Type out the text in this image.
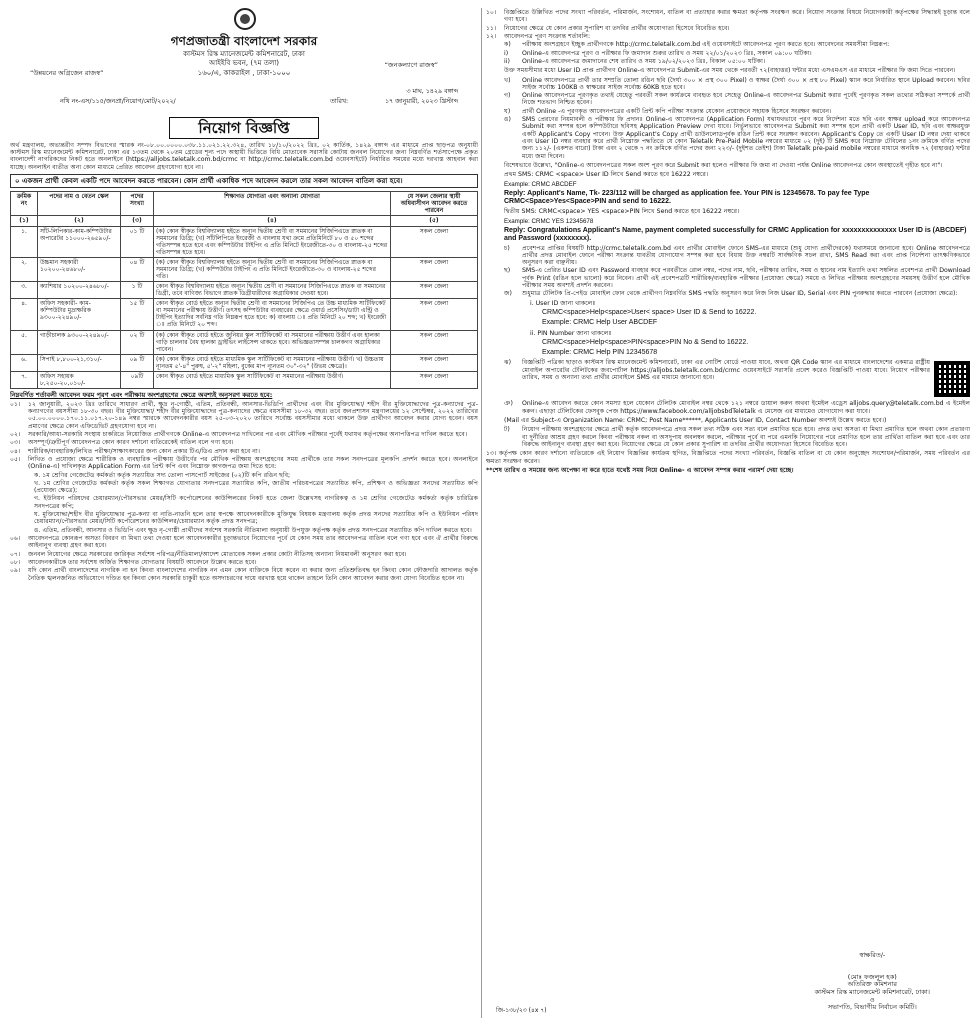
গণপ্রজাতন্ত্রী বাংলাদেশ সরকার
“উন্নয়নের অগ্রিজেন রাজস্ব”
“জনকল্যাণে রাজস্ব”
কাস্টমস রিস্ক ম্যানেজমেন্ট কমিশনারেট, ঢাকা
আইইবি ভবন, (৭ম তলা)
১৬০/এ, কাকরাইল , ঢাকা-১০০০
নথি নং-এস/১১৫/জনপ্রা/নিয়োগ/মোট/২০২২/	তারিখ:
৩ মাঘ, ১৪২৯ বঙ্গাব্দ
১৭ জানুয়ারী, ২০২৩ খ্রিস্টাব্দ
নিয়োগ বিজ্ঞপ্তি
অর্থ মন্ত্রণালয়, অভ্যন্তরীণ সম্পদ বিভাগের স্মারক নং-০৮.০০.০০০০.০৩৮.১১.০২১.২২.৩২৪, তারিখ ১৮/১০/২০২২ খ্রিঃ, ০২ কার্তিক, ১৪২৯ বঙ্গাব্দ এর মাধ্যমে প্রাপ্ত ছাড়পত্র অনুযায়ী কাস্টমস রিস্ক ম্যানেজমেন্ট কমিশনারেট, ঢাকা এর ১৩তম থেকে ২০তম গ্রেডের শূন্য পদে অস্থায়ী ভিত্তিতে বিধি মোতাবেক সরাসরি কোটায় জনবল নিয়োগের জন্য নিম্নবর্ণিত শর্তসাপেক্ষে প্রকৃত বাংলাদেশী নাগরিকদের নিকট হতে অনলাইনে (https://alljobs.teletalk.com.bd/crmc বা http://crmc.teletalk.com.bd ওয়েবসাইটে) নির্ধারিত সময়ের মধ্যে দরখাস্ত আহবান করা যাচ্ছে। অনলাইন ব্যতীত অন্য কোন মাধ্যমে প্রেরিত আবেদন গ্রহণযোগ্য হবে না।
০ একজন প্রার্থী কেবল একটি পদে আবেদন করতে পারবেন। কোন প্রার্থী একাধিক পদে আবেদন করলে তার সকল আবেদন বাতিল করা হবে।
ক্রমিক নং	পদের নাম ও বেতন স্কেল	পদের সংখ্যা	শিক্ষাগত যোগ্যতা এবং অন্যান্য যোগ্যতা	যে সকল জেলার স্থায়ী অধিবাসীগন আবেদন করতে পারবেন
(১)	(২)	(৩)	(৪)	(৫)
১.	সাঁট-লিপিকার-কাম-কম্পিউটার অপারেটর ১১০০০-২৬৫৯০/-	০১ টি	(ক) কোন স্বীকৃত বিশ্ববিদ্যালয় হইতে অন্যূন দ্বিতীয় শ্রেণী বা সমমানের সিজিপিএতে স্নাতক বা সমমানের ডিগ্রি; (খ) সাঁটলিপিতে ইংরেজী ও বাংলায় যথা ক্রমে প্রতিমিনিটে ৮০ ও ৫০ শব্দের গতিসম্পন্ন হতে হবে এবং কম্পিউটার টাইপিং এ প্রতি মিনিটে ইংরেজীতে-৩০ ও বাংলায়-২৫ শব্দের গতিসম্পন্ন হতে হবে।	সকল জেলা
২.	উচ্চমান সহকারী ১০২০০-২৪৬৮০/-	০৪ টি	(ক) কোন স্বীকৃত বিশ্ববিদ্যালয় হইতে অন্যূন দ্বিতীয় শ্রেণী বা সমমানের সিজিপিএতে স্নাতক বা সমমানের ডিগ্রি; (খ) কম্পিউটার টাইপিং এ প্রতি মিনিটে ইংরেজীতে-৩০ ও বাংলায়-২৫ শব্দের গতি।	সকল জেলা
৩.	ক্যাশিয়ার ১০২০০-২৪৬৮০/-	১ টি	কোন স্বীকৃত বিশ্ববিদ্যালয় হইতে অন্যূন দ্বিতীয় শ্রেণী বা সমমানের সিজিপিএতে স্নাতক বা সমমানের ডিগ্রী, তবে বাণিজ্য বিভাগে স্নাতক ডিগ্রীধারীদের অগ্রাধিকার দেওয়া হবে।	সকল জেলা
৪.	অফিস সহকারী- কাম- কম্পিউটার মুদ্রাক্ষরিক ৯৩০০-২২৪৯০/-	১৫ টি	কোন স্বীকৃত বোর্ড হইতে অন্যূন দ্বিতীয় শ্রেণী বা সমমানের সিজিপিএ তে উচ্চ মাধ্যমিক সার্টিফিকেট বা সমমানের পরীক্ষায় উত্তীর্ণ। তৎসহ কম্পিউটার ব্যবহারের ক্ষেত্রে ওয়ার্ড প্রসেসিং/ডাটা এন্ট্রি ও টাইপিং ইত্যাদির সর্বনিম্ন গতি নিম্নরূপ হতে হবে: ক) বাংলায় ঃ প্রতি মিনিটে ২০ শব্দ; খ) ইংরেজী ঃ প্রতি মিনিটে ২০ শব্দ।	সকল জেলা
৫.	গাড়ীচালক ৯৩০০-২২৪৯০/-	০২ টি	(ক) কোন স্বীকৃত বোর্ড হইতে জুনিয়র স্কুল সার্টিফিকেট বা সমমানের পরীক্ষায় উত্তীর্ণ এবং হালকা গাড়ি চালনার বৈধ হালকা ড্রাইভিং লাইসেন্স থাকতে হবে। অভিজ্ঞতাসম্পন্ন চালকগণ অগ্রাধিকার পাবেন।	সকল জেলা
৬.	সিপাই ৮,৮০০-২১,৩১০/-	০৯ টি	(ক) কোন স্বীকৃত বোর্ড হইতে মাধ্যমিক স্কুল সার্টিফিকেট বা সমমানের পরীক্ষায় উত্তীর্ণ। খ) উচ্চতায় ন্যূনতম ৫'-৪" পুরুষ, ৫'-২" মহিলা, বুকের মাপ ন্যূনতম ৩০"-৩২" (উভয় ক্ষেত্রে)।	সকল জেলা
৭.	অফিস সহায়ক ৮,২৫০-২০,০১০/-	০৯টি	কোন স্বীকৃত বোর্ড হইতে মাধ্যমিক স্কুল সার্টিফিকেট বা সমমানের পরীক্ষায় উত্তীর্ণ।	সকল জেলা
নিম্নবর্ণিত শর্তাবলী আবেদন ফরম পূরণ এবং পরীক্ষায় অংশগ্রহণের ক্ষেত্রে অবশ্যই অনুসরণ করতে হবে:
০১।	১২ জানুয়ারী, ২০২৩ খ্রিঃ তারিখে সাধারণ প্রার্থী, ক্ষুদ্র নৃ-গোষ্ঠী, এতিম, প্রতিবন্ধী, আনসার-ভিডিপি প্রার্থীদের এবং বীর মুক্তিযোদ্ধা/ শহীদ বীর মুক্তিযোদ্ধাদের পুত্র-কন্যাদের পুত্র-কন্যাগণের বয়সসীমা ১৮-৩০ বছর। বীর মুক্তিযোদ্ধা/ শহীদ বীর মুক্তিযোদ্ধাদের পুত্র-কন্যাদের ক্ষেত্রে বয়সসীমা ১৮-৩২ বছর। তবে জনপ্রশাসন মন্ত্রণালয়ের ১২ সেপ্টেম্বর, ২০২২ তারিখের ০৫.০০.০০০০.১৭০.১১.০১৭.২০-১৪৯ নম্বর স্মারকে আবেদনকারীর বয়স ২৫-০৩-২০২০ তারিখে সর্বোচ্চ বয়সসীমার মধ্যে থাকলে উক্ত প্রার্থীগণ আবেদন করার যোগ্য হবেন। বয়স প্রমাণের ক্ষেত্রে কোন এফিডেভিট গ্রহণযোগ্য হবে না।
০২।	সরকারি/আধা-সরকারি সংস্থায় চাকরিতে নিয়োজিত প্রার্থীগণকে Online-এ আবেদনপত্র দাখিলের পর এবং মৌখিক পরীক্ষার পূর্বেই যথাযথ কর্তৃপক্ষের অনাপত্তিপত্র দাখিল করতে হবে।
০৩।	অসম্পূর্ণ/ত্রুটিপূর্ণ আবেদনপত্র কোন কারণ দর্শানো ব্যতিরেকেই বাতিল বলে গণ্য হবে।
০৪।	শারীরিক/ব্যবহারিক/লিখিত পরীক্ষা/সাক্ষাৎকারের জন্য কোন প্রকার টিএ/ডিএ প্রদান করা হবে না।
০৫।	লিখিত ও প্রযোজ্য ক্ষেত্রে শারীরিক ও ব্যবহারিক পরীক্ষায় উত্তীর্ণের পর মৌখিক পরীক্ষায় অংশগ্রহণের সময় প্রার্থীকে তার সকল সনদপত্রের মূলকপি প্রদর্শন করতে হবে। অনলাইনে (Online-এ) দাখিলকৃত Application Form এর প্রিন্ট কপি এবং নিম্নোক্ত কাগজপত্র জমা দিতে হবে:
ক. ১ম শ্রেণির গেজেটেড কর্মকর্তা কর্তৃক সত্যায়িত সদ্য তোলা পাসপোর্ট সাইজের (০২)টি কপি রঙিন ছবি;
খ. ১ম শ্রেণির গেজেটেড কর্মকর্তা কর্তৃক সকল শিক্ষাগত যোগ্যতার সনদপত্রের সত্যায়িত কপি, জাতীয় পরিচয়পত্রের সত্যায়িত কপি, প্রশিক্ষণ ও অভিজ্ঞতা সনদের সত্যায়িত কপি (প্রযোজ্য ক্ষেত্রে);
গ. ইউনিয়ন পরিষদের চেয়ারম্যান/পৌরসভার মেয়র/সিটি কর্পোরেশনের কাউন্সিলরের নিকট হতে জেলা উল্লেখসহ নাগরিকত্ব ও ১ম শ্রেণির গেজেটেড কর্মকর্তা কর্তৃক চারিত্রিক সনদপত্রের কপি;
ঘ. মুক্তিযোদ্ধা/শহীদ বীর মুক্তিযোদ্ধার পুত্র-কন্যা বা নাতি-নাতনি হলে তার স্বপক্ষে আবেদনকারীকে মুক্তিযুদ্ধ বিষয়ক মন্ত্রণালয় কর্তৃক প্রদত্ত সনদের সত্যায়িত কপি ও ইউনিয়ন পরিষদ চেয়ারম্যান/পৌরসভার মেয়র/সিটি কর্পোরেশনের কাউন্সিলর/চেয়ারম্যান কর্তৃক প্রদত্ত সনদপত্র;
ঙ. এতিম, প্রতিবন্ধী, আনসার ও ভিডিপি এবং ক্ষুদ্র নৃ-গোষ্ঠী প্রার্থীদের সর্বশেষ সরকারি নীতিমালা অনুযায়ী উপযুক্ত কর্তৃপক্ষ কর্তৃক প্রদত্ত সনদপত্রের সত্যায়িত কপি দাখিল করতে হবে।
০৬।	আবেদনপত্রে কোনরূপ অসত্য বিবরণ বা মিথ্যা তথ্য দেওয়া হলে আবেদনকারীর চূড়ান্তভাবে নিয়োগের পূর্বে যে কোন সময় তার আবেদনপত্র বাতিল বলে গণ্য হবে এবং ঐ প্রার্থীর বিরুদ্ধে আইনানুগ ব্যবস্থা গ্রহণ করা হবে।
০৭।	জনবল নিয়োগের ক্ষেত্রে সরকারের জারিকৃত সর্বশেষ পরিপত্র/নীতিমালা/আদেশ মোতাবেক সকল প্রকার কোটা নীতিসহ অন্যান্য নিয়মাবলী অনুসরণ করা হবে।
০৮।	আবেদনকারীকে তার সর্বশেষ অর্জিত শিক্ষাগত যোগ্যতার বিষয়টি আবেদনে উল্লেখ করতে হবে।
০৯।	যদি কোন প্রার্থী বাংলাদেশের নাগরিক না হন কিংবা বাংলাদেশের নাগরিক নন এমন কোন ব্যক্তিকে বিয়ে করেন বা করার জন্য প্রতিশ্রুতিবদ্ধ হন কিংবা কোন ফৌজদারি আদালত কর্তৃক নৈতিক স্খলনজনিত অভিযোগে দণ্ডিত হন কিংবা কোন সরকারি চাকুরী হতে অসদাচরণের দায়ে বরখাস্ত হয়ে থাকেন তাহলে তিনি কোন আবেদন করার জন্য যোগ্য বিবেচিত হবেন না।
১০।	বিজ্ঞপ্তিতে উল্লিখিত পদের সংখ্যা পরিবর্তন, পরিমার্জন, সংশোধন, বাতিল বা প্রত্যাহার করার ক্ষমতা কর্তৃপক্ষ সংরক্ষণ করে। নিয়োগ সংক্রান্ত বিষয়ে নিয়োগকারী কর্তৃপক্ষের সিদ্ধান্তই চূড়ান্ত বলে গণ্য হবে।
১১।	নিয়োগের ক্ষেত্রে যে কোন প্রকার সুপারিশ বা তদবির প্রার্থীর অযোগ্যতা হিসেবে বিবেচিত হবে।
১২।	আবেদনপত্র পূরণ সংক্রান্ত শর্তাবলি:
ক)	পরীক্ষায় অংশগ্রহণে ইচ্ছুক প্রার্থীগণকে http://crmc.teletalk.com.bd এই ওয়েবসাইটে আবেদনপত্র পূরণ করতে হবে। আবেদনের সময়সীমা নিম্নরূপ:
i)	Online-এ আবেদনপত্র পূরণ ও পরীক্ষার ফি জমাদান শুরুর তারিখ ও সময় ২২/০১/২০২৩ খ্রিঃ, সকাল ০৯:০০ ঘটিকা।
ii)	Online-এ আবেদনপত্র জমাদানের শেষ তারিখ ও সময় ১৯/০২/২০২৩ খ্রিঃ, বিকাল ০৫:০০ ঘটিকা।
উক্ত সময়সীমার মধ্যে User ID প্রাপ্ত প্রার্থীগণ Online-এ আবেদনপত্র Submit-এর সময় থেকে পরবর্তী ৭২(বাহাত্তর) ঘন্টার মধ্যে এসএমএস এর মাধ্যমে পরীক্ষার ফি জমা দিতে পারবেন।
খ)	Online আবেদনপত্রে প্রার্থী তার সম্প্রতি তোলা রঙিন ছবি (দৈর্ঘ্য ৩০০ × প্রস্থ ৩০০ Pixel) ও স্বাক্ষর (দৈর্ঘ্য ৩০০ × প্রস্থ ৮০ Pixel) স্ক্যান করে নির্ধারিত স্থানে Upload করবেন। ছবির সাইজ সর্বোচ্চ 100KB ও স্বাক্ষরের সাইজ সর্বোচ্চ 60KB হতে হবে।
গ)	Online আবেদনপত্রে পূরণকৃত তথ্যই যেহেতু পরবর্তী সকল কার্যক্রমে ব্যবহৃত হবে সেহেতু Online-এ আবেদনপত্র Submit করার পূর্বেই পূরণকৃত সকল তথ্যের সঠিকতা সম্পর্কে প্রার্থী নিজে শতভাগ নিশ্চিত হবেন।
ঘ)	প্রার্থী Online -এ পূরণকৃত আবেদনপত্রের একটি প্রিন্ট কপি পরীক্ষা সংক্রান্ত যেকোন প্রয়োজনে সহায়ক হিসেবে সংরক্ষণ করবেন।
ঙ)	SMS প্রেরণের নিয়মাবলী ও পরীক্ষার ফি প্রদানঃ Online-এ আবেদনপত্র (Application Form) যথাযথভাবে পূরণ করে নির্দেশনা মতে ছবি এবং স্বাক্ষর upload করে আবেদনপত্র Submit করা সম্পন্ন হলে কম্পিউটারে ছবিসহ Application Preview দেখা যাবে। নির্ভুলভাবে আবেদনপত্র Submit করা সম্পন্ন হলে প্রার্থী একটি User ID, ছবি এবং স্বাক্ষরযুক্ত একটি Applicant's Copy পাবেন। উক্ত Applicant's Copy প্রার্থী ডাউনলোডপূর্বক রঙিন প্রিন্ট করে সংরক্ষণ করবেন। Applicant's Copy তে একটি User ID নম্বর দেয়া থাকবে এবং User ID নম্বর ব্যবহার করে প্রার্থী নিম্নোক্ত পদ্ধতিতে যে কোন Teletalk Pre-Paid Mobile নম্বরের মাধ্যমে ০২ (দুই) টি SMS করে নিম্নোক্ত টেবিলের ১নং ক্রমিকে বর্ণিত পদের জন্য ১১২/- (একশত বারো) টাকা এবং ২ থেকে ৭ নং ক্রমিকে বর্ণিত পদের জন্য ২২৩/- (দুইশত তেইশ) টাকা Teletalk pre-paid mobile নম্বরের মাধ্যমে অনধিক ৭২ (বাহাত্তর) ঘন্টার মধ্যে জমা দিবেন।
বিশেষভাবে উল্লেখ্য, "Online-এ আবেদনপত্রের সকল অংশ পূরণ করে Submit করা হলেও পরীক্ষার ফি জমা না দেওয়া পর্যন্ত Online আবেদনপত্র কোন অবস্থাতেই গৃহীত হবে না"।
প্রথম SMS: CRMC <space> User ID লিখে Send করতে হবে 16222 নম্বরে।
Example: CRMC ABCDEF
Reply: Applicant's Name, Tk- 223/112 will be charged as application fee. Your PIN is 12345678. To pay fee Type CRMC<Space>Yes<Space>PIN and send to 16222.
দ্বিতীয় SMS: CRMC<space> YES <space>PIN লিখে Send করতে হবে 16222 নম্বরে।
Example: CRMC YES 12345678
Reply: Congratulations Applicant's Name, payment completed successfully for CRMC Application for xxxxxxxxxxxxxx User ID is (ABCDEF) and Password (xxxxxxxx).
চ)	প্রবেশপত্র প্রাপ্তির বিষয়টি http://crmc.teletalk.com.bd এবং প্রার্থীর মোবাইল ফোনে SMS-এর মাধ্যমে (শুধু যোগ্য প্রার্থীদেরকে) যথাসময়ে জানানো হবে। Online আবেদনপত্রে প্রার্থীর প্রদত্ত মোবাইল ফোনে পরীক্ষা সংক্রান্ত যাবতীয় যোগাযোগ সম্পন্ন করা হবে বিধায় উক্ত নম্বরটি সার্বক্ষণিক সচল রাখা, SMS Read করা এবং প্রাপ্ত নির্দেশনা তাৎক্ষণিকভাবে অনুসরণ করা বাঞ্ছনীয়।
ছ)	SMS-এ প্রেরিত User ID এবং Password ব্যবহার করে পরবর্তীতে রোল নম্বর, পদের নাম, ছবি, পরীক্ষার তারিখ, সময় ও স্থানের নাম ইত্যাদি তথ্য সম্বলিত প্রবেশপত্র প্রার্থী Download পূর্বক Print (রঙিন হলে ভালো) করে নিবেন। প্রার্থী এই প্রবেশপত্রটি শারীরিক/ব্যবহারিক পরীক্ষার (প্রযোজ্য ক্ষেত্রে) সময়ে ও লিখিত পরীক্ষায় অংশগ্রহণের সময়সহ উত্তীর্ণ হলে মৌখিক পরীক্ষার সময় অবশ্যই প্রদর্শন করবেন।
জ)	শুধুমাত্র টেলিটক প্রি-পেইড মোবাইল ফোন থেকে প্রার্থীগণ নিম্নবর্ণিত SMS পদ্ধতি অনুসরণ করে নিজ নিজ User ID, Serial এবং PIN পুনরুদ্ধার করতে পারবেন (প্রযোজ্য ক্ষেত্রে):
i. User ID জানা থাকলেঃ
CRMC<space>Help<space>User< space> User ID & Send to 16222.
Example: CRMC Help User ABCDEF
ii. PIN Number জানা থাকলেঃ
CRMC<space>Help<space>PIN<space>PIN No & Send to 16222.
Example: CRMC Help PIN 12345678
ঝ)	বিজ্ঞপ্তিটি পত্রিকা ছাড়াও কাস্টমস রিস্ক ম্যানেজমেন্ট কমিশনারেট, ঢাকা এর নোটিশ বোর্ডে পাওয়া যাবে, অথবা QR Code স্ক্যান এর মাধ্যমে বাংলাদেশের একমাত্র রাষ্ট্রীয় মোবাইল অপারেটর টেলিটকের জবপোর্টাল https://alljobs.teletalk.com.bd/crmc ওয়েবসাইটে সরাসরি প্রবেশ করেও বিজ্ঞপ্তিটি পাওয়া যাবে। নিয়োগ পরীক্ষার তারিখ, সময় ও অন্যান্য তথ্য প্রার্থীর মোবাইলে SMS এর মাধ্যমে জানানো হবে।
ঞ)	Online-এ আবেদন করতে কোন সমস্যা হলে যেকোন টেলিটক মোবাইল নম্বর থেকে ১২১ নম্বরে ডায়াল করুন অথবা ইমেইল এড্রেস alljobs.query@teletalk.com.bd এ ইমেইল করুন। এছাড়া টেলিটকের ফেসবুক পেজ https://www.facebook.com/alljobsbdTeletalk এ মেসেজ এর মাধ্যমেও যোগাযোগ করা যাবে।
(Mail এর Subject-এ Organization Name: CRMC; Post Name******, Applicants User ID, Contact Number অবশ্যই উল্লেখ করতে হবে।)
ট)	নিয়োগ পরীক্ষায় অংশগ্রহণের ক্ষেত্রে প্রার্থী কর্তৃক আবেদনপত্রে প্রদত্ত সকল তথ্য সঠিক এবং সত্য বলে প্রমাণিত হতে হবে। প্রদত্ত তথ্য অসত্য বা মিথ্যা প্রমাণিত হলে অথবা কোন প্রতারণা বা দুর্নীতির আশ্রয় গ্রহণ করলে কিংবা পরীক্ষায় নকল বা অসদুপায় অবলম্বন করলে, পরীক্ষার পূর্বে বা পরে এমনকি নিয়োগের পরে প্রমাণিত হলে তার প্রার্থিতা বাতিল করা হবে এবং তার বিরুদ্ধে আইনানুগ ব্যবস্থা গ্রহণ করা হবে। নিয়োগের ক্ষেত্রে যে কোন প্রকার সুপারিশ বা তদবির প্রার্থীর অযোগ্যতা হিসেবে বিবেচিত হবে।
১৩। কর্তৃপক্ষ কোন কারণ দর্শানো ব্যতিরেকে এই নিয়োগ বিজ্ঞপ্তির কার্যক্রম স্থগিত, বিজ্ঞপ্তিতে পদের সংখ্যা পরিবর্তন, বিজ্ঞপ্তি বাতিল বা যে কোন অনুচ্ছেদ সংশোধন/পরিমার্জন, সময় পরিবর্তন এর ক্ষমতা সংরক্ষণ করেন।
**শেষ তারিখ ও সময়ের জন্য অপেক্ষা না করে হাতে যথেষ্ট সময় নিয়ে Online- এ আবেদন সম্পন্ন করার পরামর্শ দেয়া হচ্ছে।
স্বাক্ষরিত/-
(মোঃ ফজলুল হক)
অতিরিক্ত কমিশনার
কাস্টমস রিস্ক ম্যানেজমেন্ট কমিশনারেট, ঢাকা।
ও
সভাপতি, বিভাগীয় নির্বাচন কমিটি।
জি-১৩৮/২৩ (৪x ৭)
